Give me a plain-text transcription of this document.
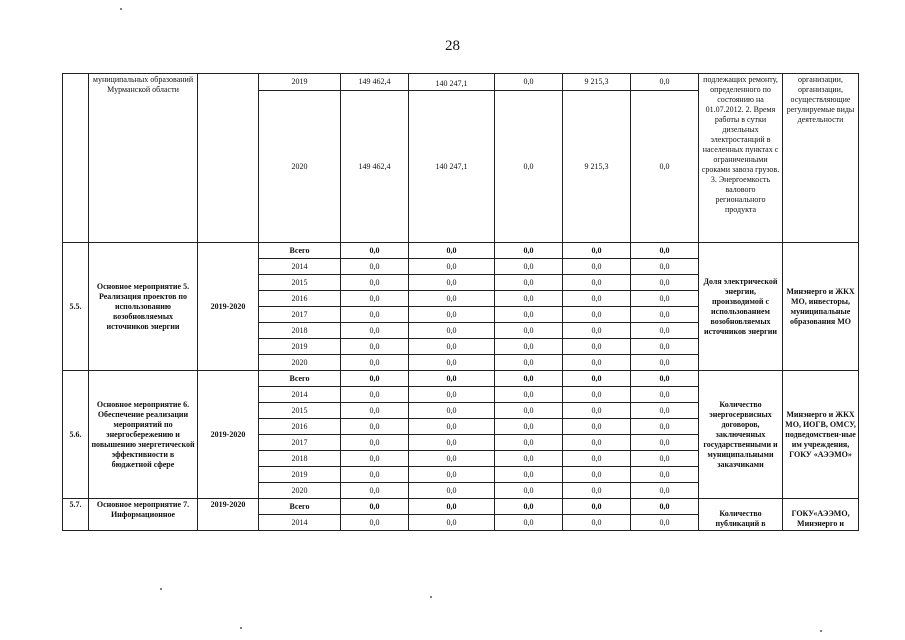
28
	муниципальных образований Мурманской области		2019	149 462,4	140 247,1	0,0	9 215,3	0,0	подлежащих ремонту, определенного по состоянию на 01.07.2012. 2. Время работы в сутки дизельных электростанций в населенных пунктах с ограниченными сроками завоза грузов. 3. Энергоемкость валового регионального продукта	организации, организации, осуществляющие регулируемые виды деятельности
			2020	149 462,4	140 247,1	0,0	9 215,3	0,0		
5.5.	Основное мероприятие 5. Реализация проектов по использованию возобновляемых источников энергии	2019-2020	Всего	0,0	0,0	0,0	0,0	0,0	Доля электрической энергии, производимой с использованием возобновляемых источников энергии	Минэнерго и ЖКХ МО, инвесторы, муниципальные образования МО
			2014	0,0	0,0	0,0	0,0	0,0		
			2015	0,0	0,0	0,0	0,0	0,0		
			2016	0,0	0,0	0,0	0,0	0,0		
			2017	0,0	0,0	0,0	0,0	0,0		
			2018	0,0	0,0	0,0	0,0	0,0		
			2019	0,0	0,0	0,0	0,0	0,0		
			2020	0,0	0,0	0,0	0,0	0,0		
5.6.	Основное мероприятие 6. Обеспечение реализации мероприятий по энергосбережению и повышению энергетической эффективности в бюджетной сфере	2019-2020	Всего	0,0	0,0	0,0	0,0	0,0	Количество энергосервисных договоров, заключенных государственными и муниципальными заказчиками	Минэнерго и ЖКХ МО, ИОГВ, ОМСУ, подведомствен-ные им учреждения, ГОКУ «АЭЭМО»
			2014	0,0	0,0	0,0	0,0	0,0		
			2015	0,0	0,0	0,0	0,0	0,0		
			2016	0,0	0,0	0,0	0,0	0,0		
			2017	0,0	0,0	0,0	0,0	0,0		
			2018	0,0	0,0	0,0	0,0	0,0		
			2019	0,0	0,0	0,0	0,0	0,0		
			2020	0,0	0,0	0,0	0,0	0,0		
5.7.	Основное мероприятие 7. Информационное	2019-2020	Всего	0,0	0,0	0,0	0,0	0,0	Количество публикаций в	ГОКУ«АЭЭМО, Минэнерго и
			2014	0,0	0,0	0,0	0,0	0,0		
